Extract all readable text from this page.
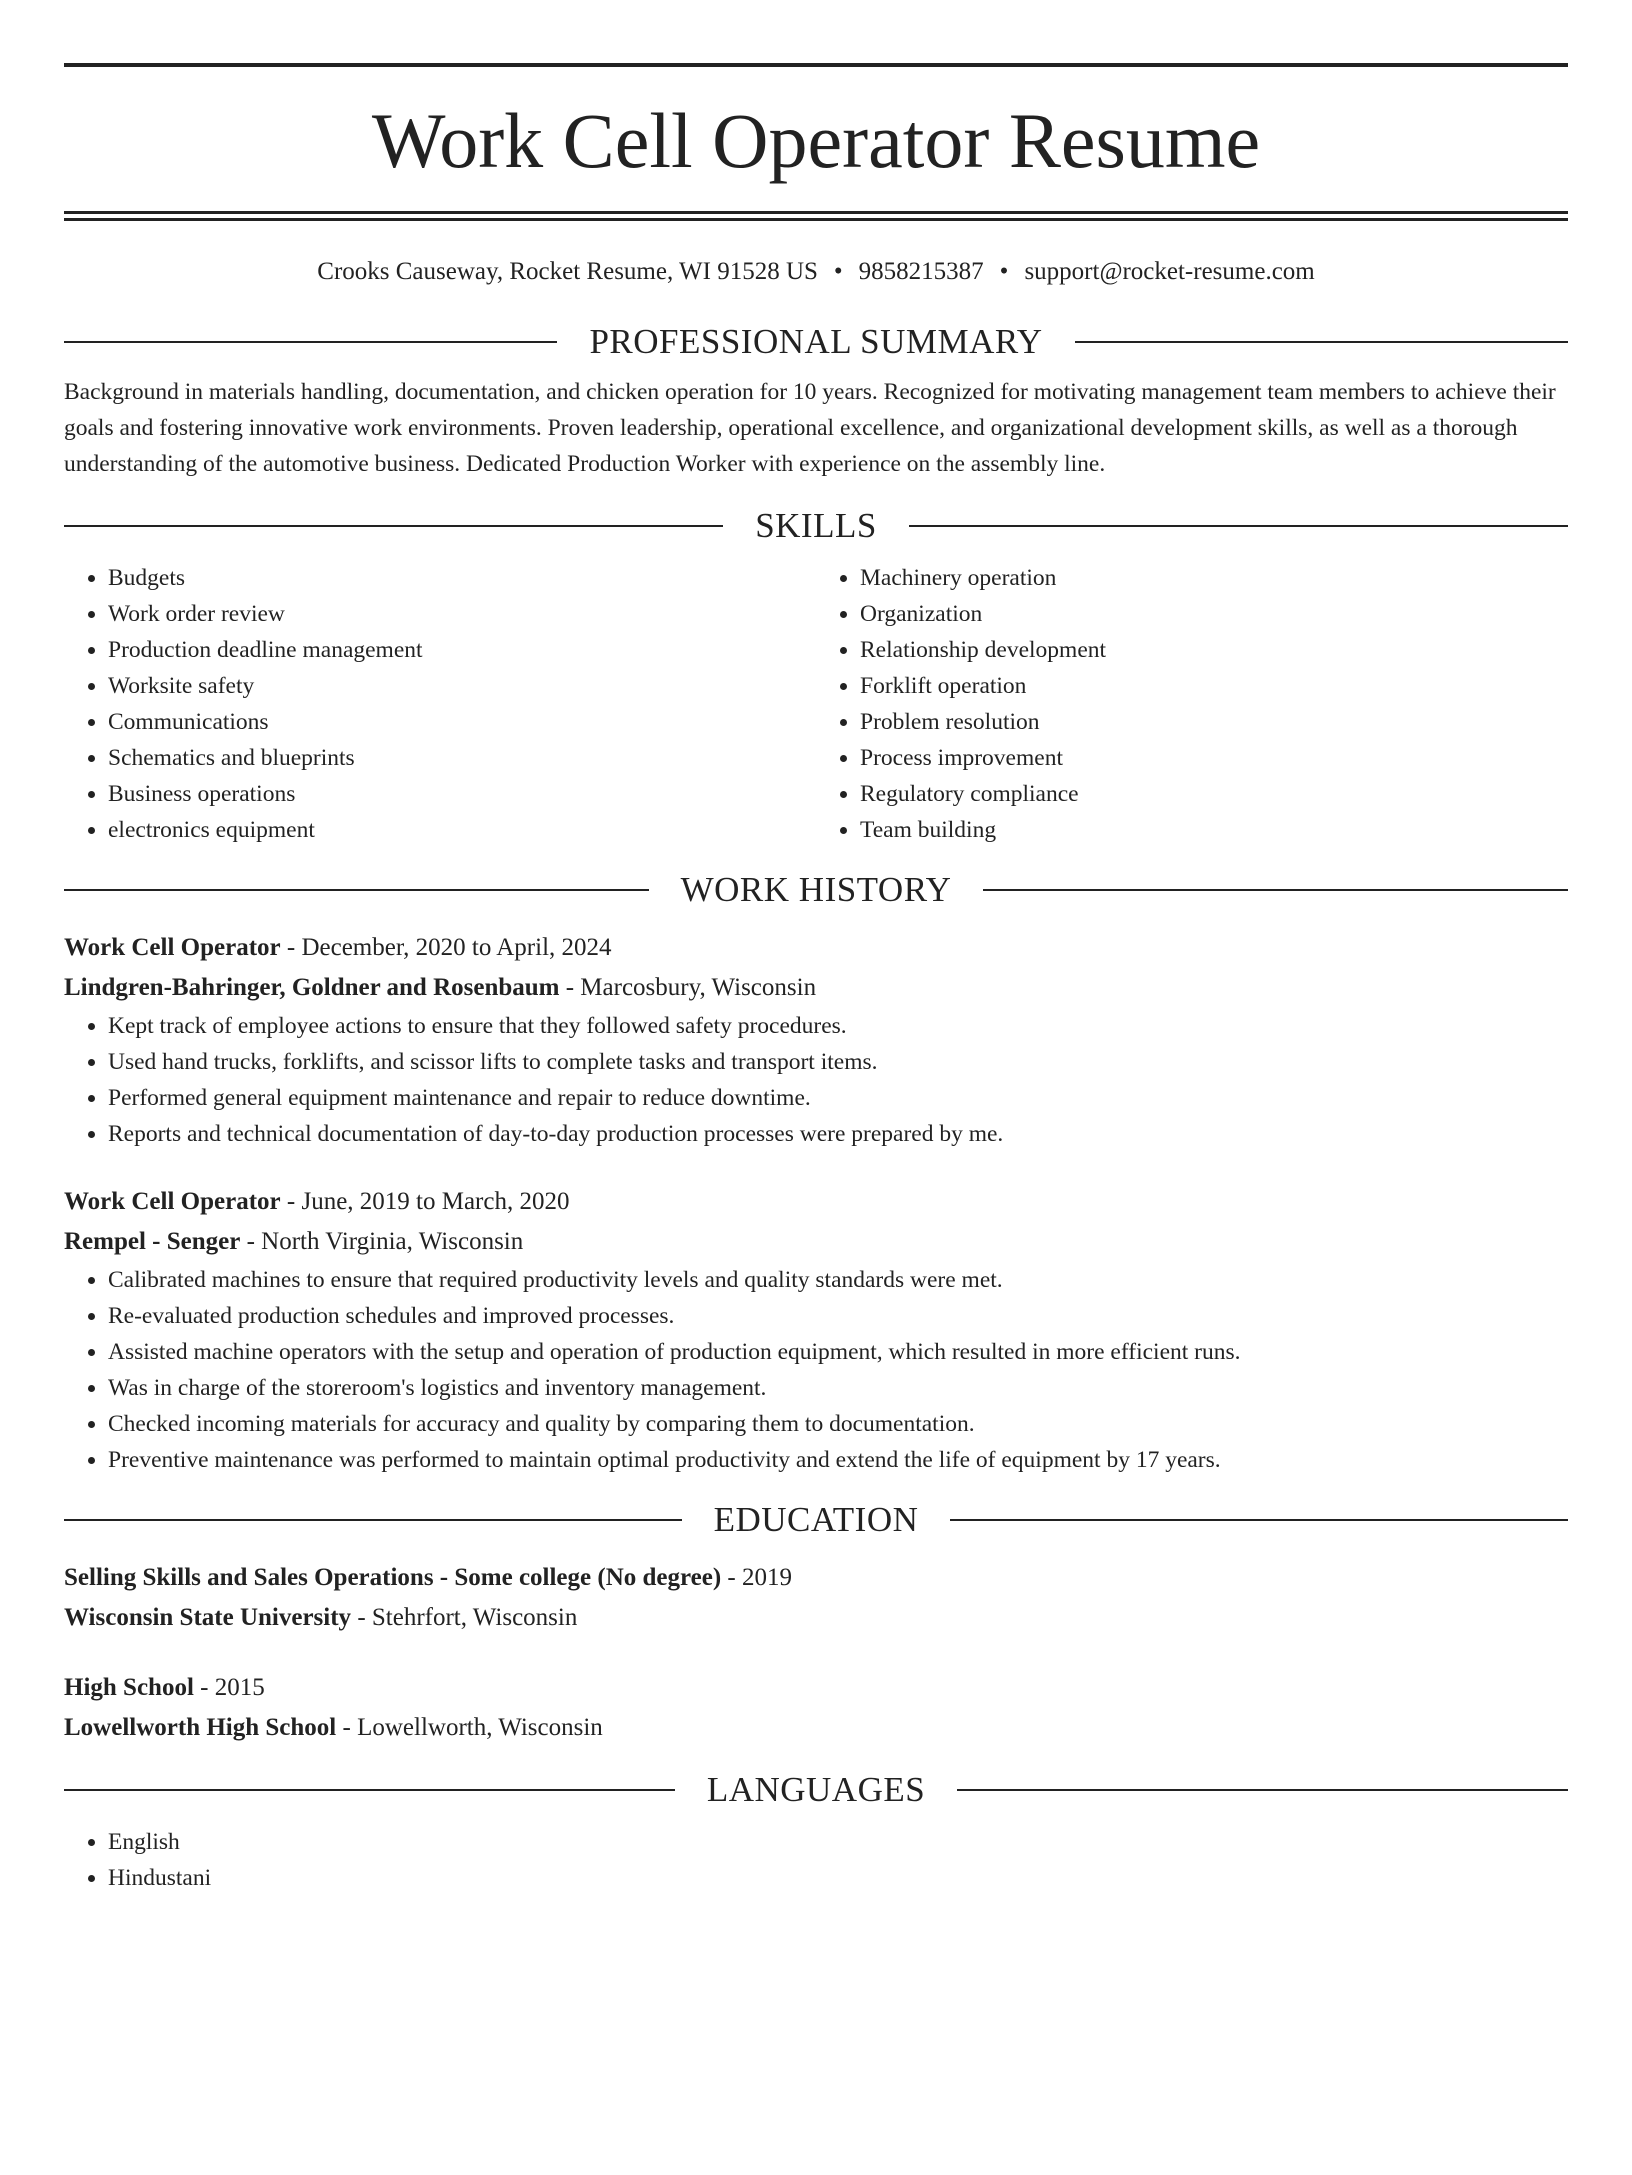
Work Cell Operator Resume
Crooks Causeway, Rocket Resume, WI 91528 US • 9858215387 • support@rocket-resume.com
PROFESSIONAL SUMMARY
Background in materials handling, documentation, and chicken operation for 10 years. Recognized for motivating management team members to achieve their goals and fostering innovative work environments. Proven leadership, operational excellence, and organizational development skills, as well as a thorough understanding of the automotive business. Dedicated Production Worker with experience on the assembly line.
SKILLS
• Budgets
• Work order review
• Production deadline management
• Worksite safety
• Communications
• Schematics and blueprints
• Business operations
• electronics equipment
• Machinery operation
• Organization
• Relationship development
• Forklift operation
• Problem resolution
• Process improvement
• Regulatory compliance
• Team building
WORK HISTORY
Work Cell Operator - December, 2020 to April, 2024
Lindgren-Bahringer, Goldner and Rosenbaum - Marcosbury, Wisconsin
• Kept track of employee actions to ensure that they followed safety procedures.
• Used hand trucks, forklifts, and scissor lifts to complete tasks and transport items.
• Performed general equipment maintenance and repair to reduce downtime.
• Reports and technical documentation of day-to-day production processes were prepared by me.
Work Cell Operator - June, 2019 to March, 2020
Rempel - Senger - North Virginia, Wisconsin
• Calibrated machines to ensure that required productivity levels and quality standards were met.
• Re-evaluated production schedules and improved processes.
• Assisted machine operators with the setup and operation of production equipment, which resulted in more efficient runs.
• Was in charge of the storeroom's logistics and inventory management.
• Checked incoming materials for accuracy and quality by comparing them to documentation.
• Preventive maintenance was performed to maintain optimal productivity and extend the life of equipment by 17 years.
EDUCATION
Selling Skills and Sales Operations - Some college (No degree) - 2019
Wisconsin State University - Stehrfort, Wisconsin
High School - 2015
Lowellworth High School - Lowellworth, Wisconsin
LANGUAGES
• English
• Hindustani
